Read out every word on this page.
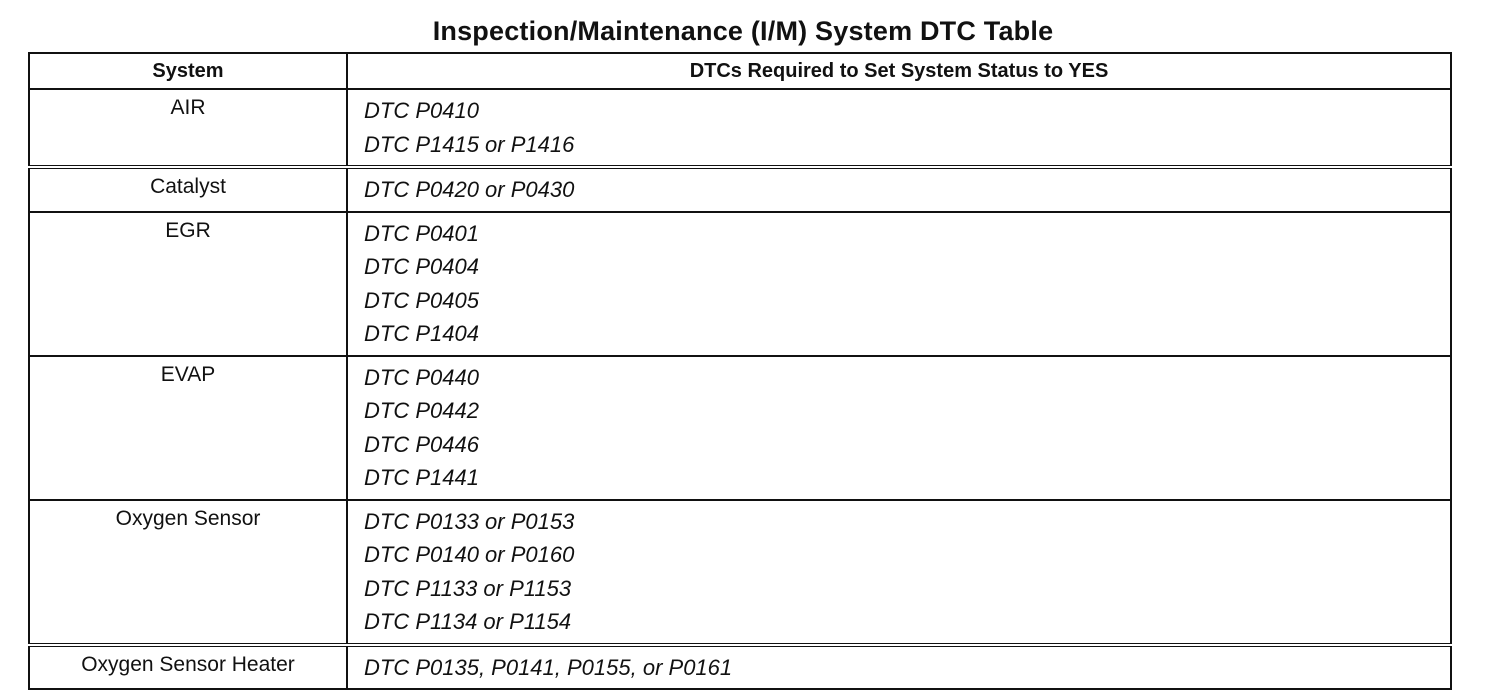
Inspection/Maintenance (I/M) System DTC Table
System	DTCs Required to Set System Status to YES
AIR	DTC P0410
DTC P1415 or P1416

Catalyst	DTC P0420 or P0430

EGR	DTC P0401
DTC P0404
DTC P0405
DTC P1404

EVAP	DTC P0440
DTC P0442
DTC P0446
DTC P1441

Oxygen Sensor	DTC P0133 or P0153
DTC P0140 or P0160
DTC P1133 or P1153
DTC P1134 or P1154

Oxygen Sensor Heater	DTC P0135, P0141, P0155, or P0161
